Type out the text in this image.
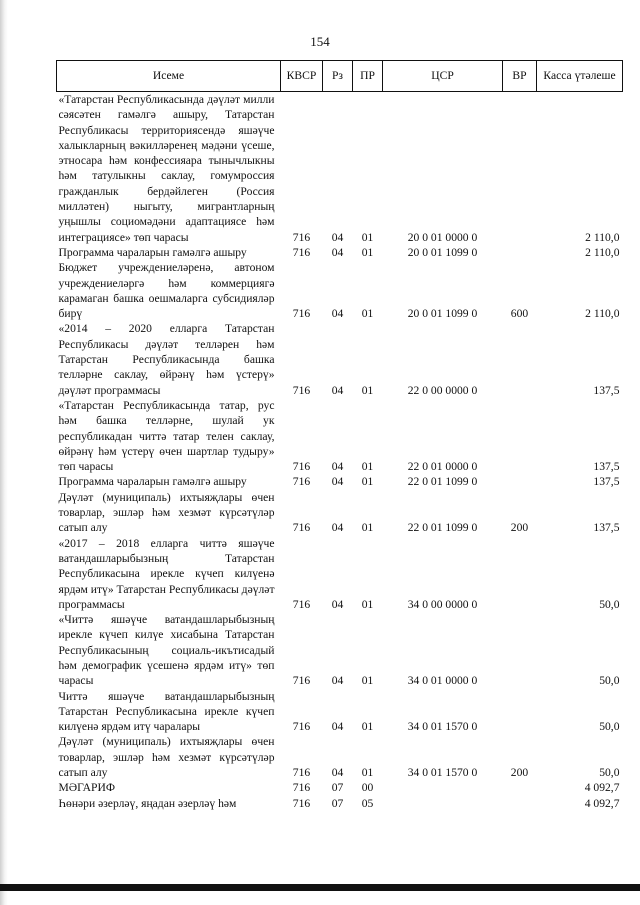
154
Исеме	КВСР	Рз	ПР	ЦСР	ВР	Касса үтәлеше
«Татарстан Республикасында дәүләт милли сәясәтен гамәлгә ашыру, Татарстан Республикасы территориясендә яшәүче халыкларның вәкилләренең мәдәни үсеше, этносара һәм конфессияара тынычлыкны һәм татулыкны саклау, гомумроссия гражданлык бердәйлеген (Россия милләтен) ныгыту, мигрантларның уңышлы социомәдәни адаптациясе һәм интеграциясе» төп чарасы	716	04	01	20 0 01 0000 0		2 110,0
Программа чараларын гамәлгә ашыру	716	04	01	20 0 01 1099 0		2 110,0
Бюджет учреждениеләренә, автоном учреждениеләргә һәм коммерциягә карамаган башка оешмаларга субсидияләр бирү	716	04	01	20 0 01 1099 0	600	2 110,0
«2014 – 2020 елларга Татарстан Республикасы дәүләт телләрен һәм Татарстан Республикасында башка телләрне саклау, өйрәнү һәм үстерү» дәүләт программасы	716	04	01	22 0 00 0000 0		137,5
«Татарстан Республикасында татар, рус һәм башка телләрне, шулай ук республикадан читтә татар телен саклау, өйрәнү һәм үстерү өчен шартлар тудыру» төп чарасы	716	04	01	22 0 01 0000 0		137,5
Программа чараларын гамәлгә ашыру	716	04	01	22 0 01 1099 0		137,5
Дәүләт (муниципаль) ихтыяҗлары өчен товарлар, эшләр һәм хезмәт күрсәтүләр сатып алу	716	04	01	22 0 01 1099 0	200	137,5
«2017 – 2018 елларга читтә яшәүче ватандашларыбызның Татарстан Республикасына ирекле күчеп килүенә ярдәм итү» Татарстан Республикасы дәүләт программасы	716	04	01	34 0 00 0000 0		50,0
«Читтә яшәүче ватандашларыбызның ирекле күчеп килүе хисабына Татарстан Республикасының социаль-икътисадый һәм демографик үсешенә ярдәм итү» төп чарасы	716	04	01	34 0 01 0000 0		50,0
Читтә яшәүче ватандашларыбызның Татарстан Республикасына ирекле күчеп килүенә ярдәм итү чаралары	716	04	01	34 0 01 1570 0		50,0
Дәүләт (муниципаль) ихтыяҗлары өчен товарлар, эшләр һәм хезмәт күрсәтүләр сатып алу	716	04	01	34 0 01 1570 0	200	50,0
МӘГАРИФ	716	07	00			4 092,7
Һөнәри әзерләү, яңадан әзерләү һәм	716	07	05			4 092,7
